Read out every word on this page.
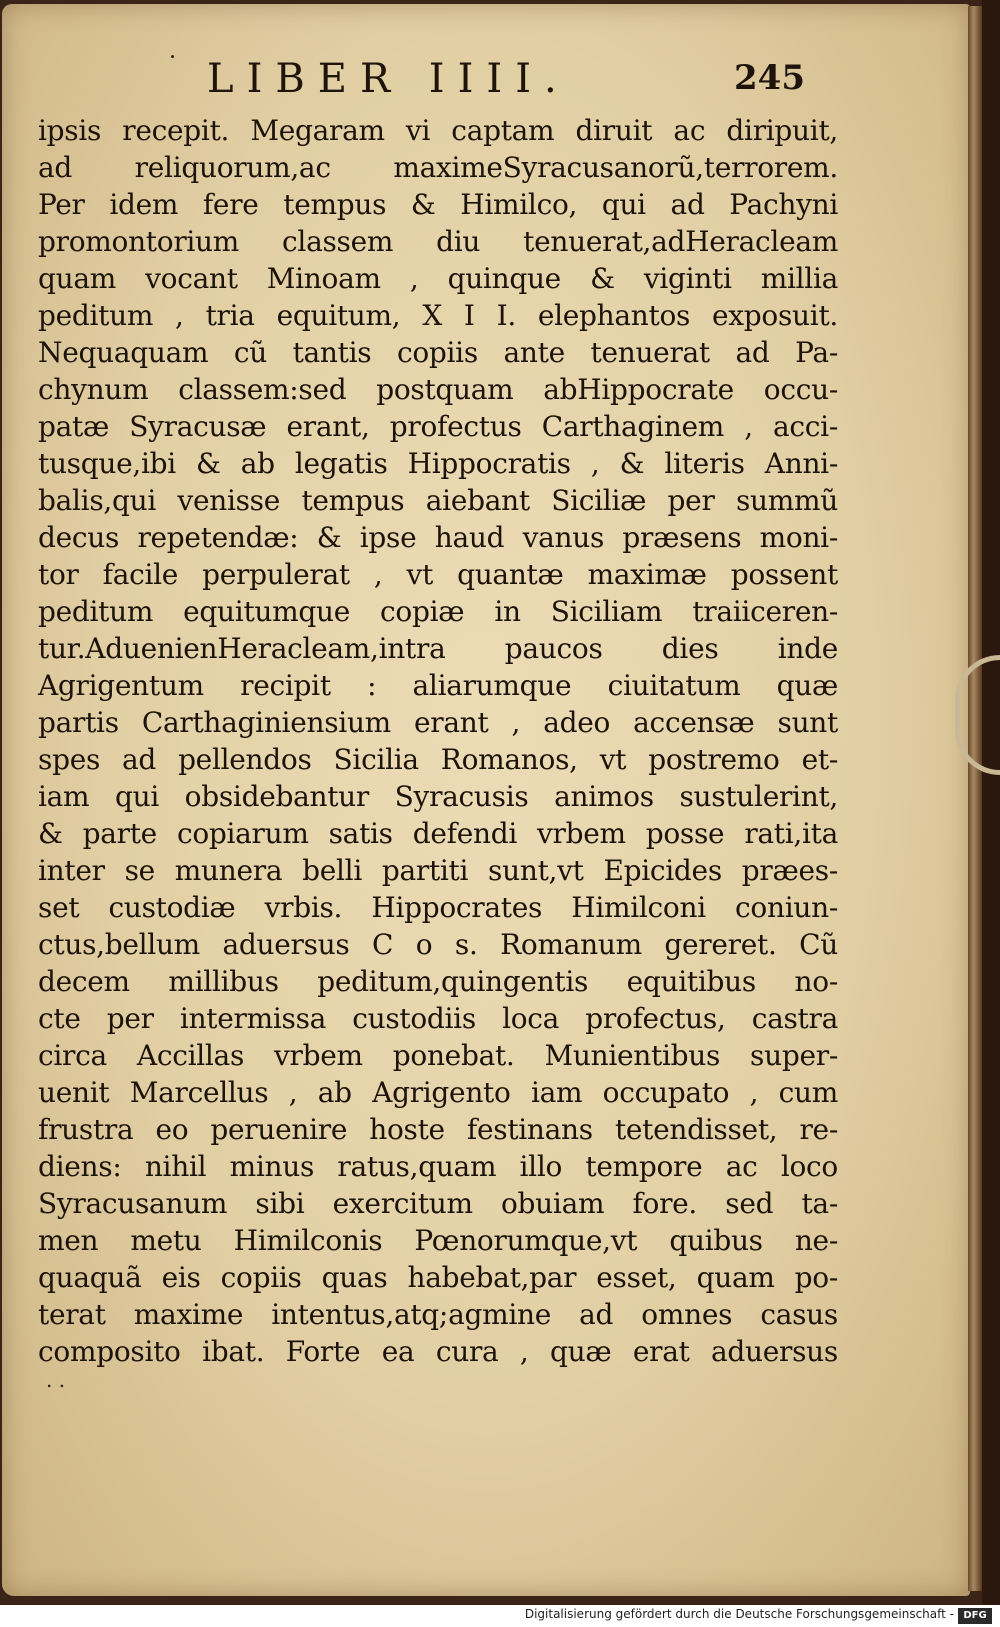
˙ LIBER IIII.	245
ipsis recepit. Megaram vi captam diruit ac diripuit,
ad reliquorum,ac maximeSyracusanorũ,terrorem.
Per idem fere tempus & Himilco, qui ad Pachyni
promontorium classem diu tenuerat,adHeracleam
quam vocant Minoam , quinque & viginti millia
peditum , tria equitum, X I I. elephantos exposuit.
Nequaquam cũ tantis copiis ante tenuerat ad Pa-
chynum classem:sed postquam abHippocrate occu-
patæ Syracusæ erant, profectus Carthaginem , acci-
tusque,ibi & ab legatis Hippocratis , & literis Anni-
balis,qui venisse tempus aiebant Siciliæ per summũ
decus repetendæ: & ipse haud vanus præsens moni-
tor facile perpulerat , vt quantæ maximæ possent
peditum equitumque copiæ in Siciliam traiiceren-
tur.AduenienHeracleam,intra paucos dies inde
Agrigentum recipit : aliarumque ciuitatum quæ
partis Carthaginiensium erant , adeo accensæ sunt
spes ad pellendos Sicilia Romanos, vt postremo et-
iam qui obsidebantur Syracusis animos sustulerint,
& parte copiarum satis defendi vrbem posse rati,ita
inter se munera belli partiti sunt,vt Epicides præes-
set custodiæ vrbis. Hippocrates Himilconi coniun-
ctus,bellum aduersus C o s. Romanum gereret. Cũ
decem millibus peditum,quingentis equitibus no-
cte per intermissa custodiis loca profectus, castra
circa Accillas vrbem ponebat. Munientibus super-
uenit Marcellus , ab Agrigento iam occupato , cum
frustra eo peruenire hoste festinans tetendisset, re-
diens: nihil minus ratus,quam illo tempore ac loco
Syracusanum sibi exercitum obuiam fore. sed ta-
men metu Himilconis Pœnorumque,vt quibus ne-
quaquã eis copiis quas habebat,par esset, quam po-
terat maxime intentus,atq;agmine ad omnes casus
composito ibat. Forte ea cura , quæ erat aduersus
. .
Digitalisierung gefördert durch die Deutsche Forschungsgemeinschaft - DFG
